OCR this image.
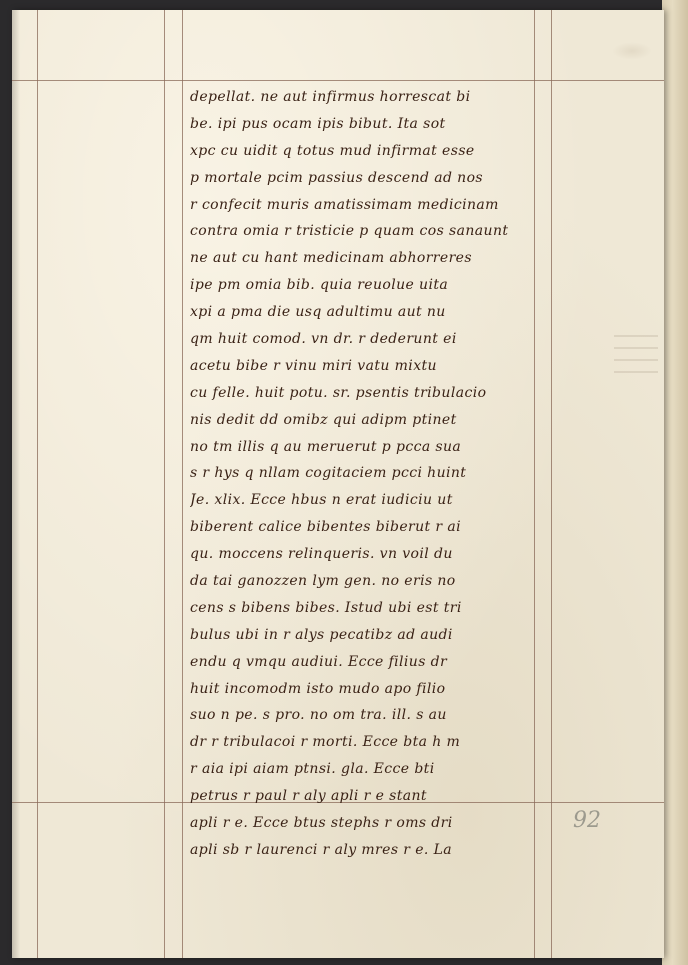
depellat. ne aut infirmus horrescat bi
be. ipi pus ocam ipis bibut. Ita sot
xpc cu uidit q totus mud infirmat esse
p mortale pcim passius descend ad nos
r confecit muris amatissimam medicinam
contra omia r tristicie p quam cos sanaunt
ne aut cu hant medicinam abhorreres
ipe pm omia bib. quia reuolue uita
xpi a pma die usq adultimu aut nu
qm huit comod. vn dr. r dederunt ei
acetu bibe r vinu miri vatu mixtu
cu felle. huit potu. sr. psentis tribulacio
nis dedit dd omibz qui adipm ptinet
no tm illis q au meruerut p pcca sua
s r hys q nllam cogitaciem pcci huint
Je. xlix. Ecce hbus n erat iudiciu ut
biberent calice bibentes biberut r ai
qu. moccens relinqueris. vn voil du
da tai ganozzen lym gen. no eris no
cens s bibens bibes. Istud ubi est tri
bulus ubi in r alys pecatibz ad audi
endu q vmqu audiui. Ecce filius dr
huit incomodm isto mudo apo filio
suo n pe. s pro. no om tra. ill. s au
dr r tribulacoi r morti. Ecce bta h m
r aia ipi aiam ptnsi. gla. Ecce bti
petrus r paul r aly apli r e stant
apli r e. Ecce btus stephs r oms dri
apli sb r laurenci r aly mres r e. La
92
